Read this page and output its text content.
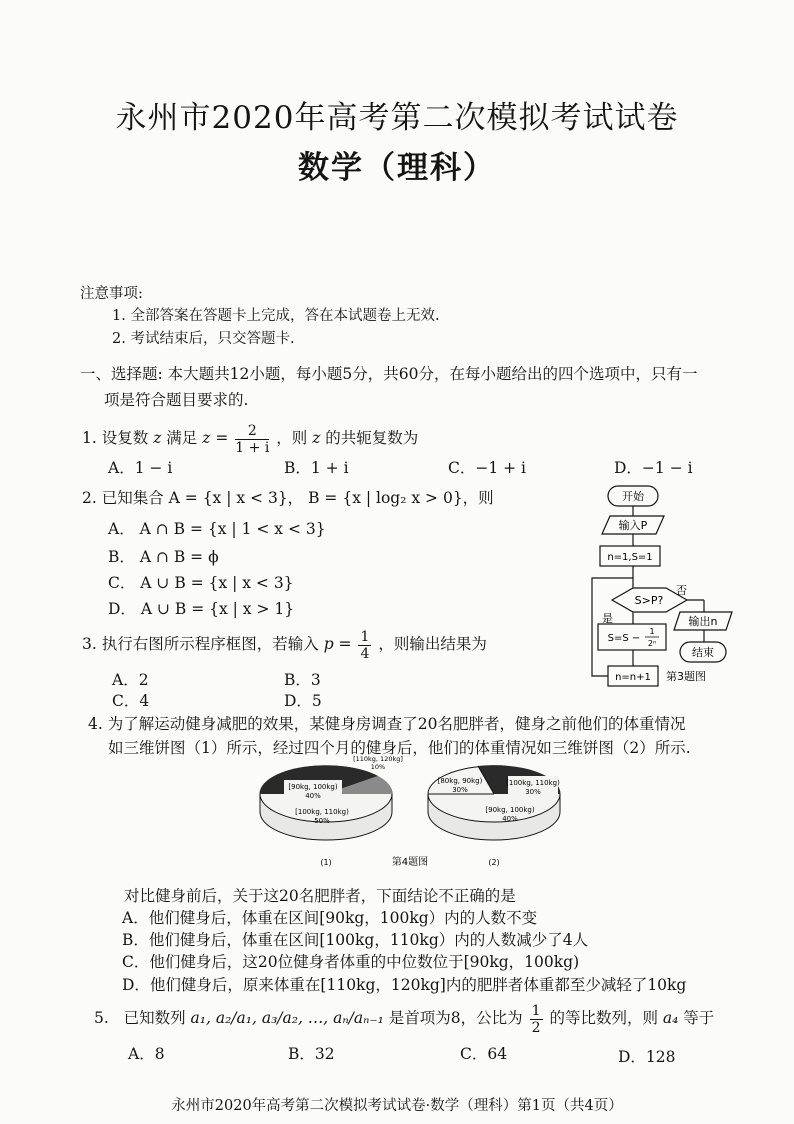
永州市2020年高考第二次模拟考试试卷
数学（理科）
注意事项:
1. 全部答案在答题卡上完成，答在本试题卷上无效.
2. 考试结束后，只交答题卡.
一、选择题: 本大题共12小题，每小题5分，共60分，在每小题给出的四个选项中，只有一
项是符合题目要求的.
1. 设复数 z 满足 $z = \frac{2}{1 + i}$ ，则 z 的共轭复数为
A．1 − i	B．1 + i	C．−1 + i	D．−1 − i
2. 已知集合 A = {x | x < 3}， B = {x | log₂ x > 0}，则
A． A ∩ B = {x | 1 < x < 3}
B． A ∩ B = ϕ
C． A ∪ B = {x | x < 3}
D． A ∪ B = {x | x > 1}
3. 执行右图所示程序框图，若输入 $p = \frac{1}{4}$ ，则输出结果为
A．2	B．3
C．4	D．5
开始
输入P
n=1,S=1
S>P?
否
是
S=S −
1
2ⁿ
输出n
结束
n=n+1 第3题图
4. 为了解运动健身减肥的效果，某健身房调查了20名肥胖者，健身之前他们的体重情况
如三维饼图（1）所示，经过四个月的健身后，他们的体重情况如三维饼图（2）所示.
[90kg, 100kg)
40%
[100kg, 110kg)
50%
[110kg, 120kg]
10%
(1)
[80kg, 90kg)
30%
[100kg, 110kg)
30%
[90kg, 100kg)
40%
(2)
第4题图
对比健身前后，关于这20名肥胖者，下面结论不正确的是
A．他们健身后，体重在区间[90kg，100kg）内的人数不变
B．他们健身后，体重在区间[100kg，110kg）内的人数减少了4人
C．他们健身后，这20位健身者体重的中位数位于[90kg，100kg)
D．他们健身后，原来体重在[110kg，120kg]内的肥胖者体重都至少减轻了10kg
5. 已知数列 a₁, a₂/a₁, a₃/a₂, …, aₙ/aₙ₋₁ 是首项为8，公比为 $\frac{1}{2}$ 的等比数列，则 a₄ 等于
A．8	B．32	C．64	D．128
永州市2020年高考第二次模拟考试试卷·数学（理科）第1页（共4页）
